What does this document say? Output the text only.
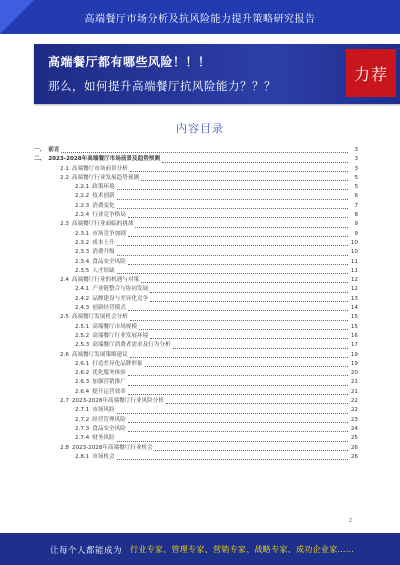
高端餐厅市场分析及抗风险能力提升策略研究报告
高端餐厅都有哪些风险！！！
那么，如何提升高端餐厅抗风险能力？？？
力荐
内容目录
一、 前言	3
二、 2023-2028年高端餐厅市场前景及趋势预测	3
2.1 高端餐厅市场前景分析	3
2.2 高端餐厅行业发展趋势预测	5
2.2.1 政策环境	5
2.2.2 技术创新	6
2.2.3 消费变化	7
2.2.4 行业竞争格局	8
2.3 高端餐厅行业面临的挑战	9
2.3.1 市场竞争加剧	9
2.3.2 成本上升	10
2.3.3 消费升级	10
2.3.4 食品安全风险	11
2.3.5 人才短缺	11
2.4 高端餐厅行业的机遇与对策	12
2.4.1 产业链整合与协同发展	12
2.4.2 品牌建设与差异化竞争	13
2.4.3 创新经营模式	14
2.5 高端餐厅发展机会分析	15
2.5.1 高端餐厅市场规模	15
2.5.2 高端餐厅行业发展环境	16
2.5.3 高端餐厅消费者需求及行为分析	17
2.6 高端餐厅发展策略建议	19
2.6.1 打造差异化品牌形象	19
2.6.2 优化服务体验	20
2.6.3 加强营销推广	21
2.6.4 提升运营效率	21
2.7 2023-2028年高端餐厅行业风险分析	22
2.7.1 市场风险	22
2.7.2 经营管理风险	23
2.7.3 食品安全风险	24
2.7.4 财务风险	25
2.8 2023-2028年高端餐厅行业机会	26
2.8.1 市场机会	26
2
让每个人都能成为 行业专家、管理专家、营销专家、战略专家、成功企业家……
